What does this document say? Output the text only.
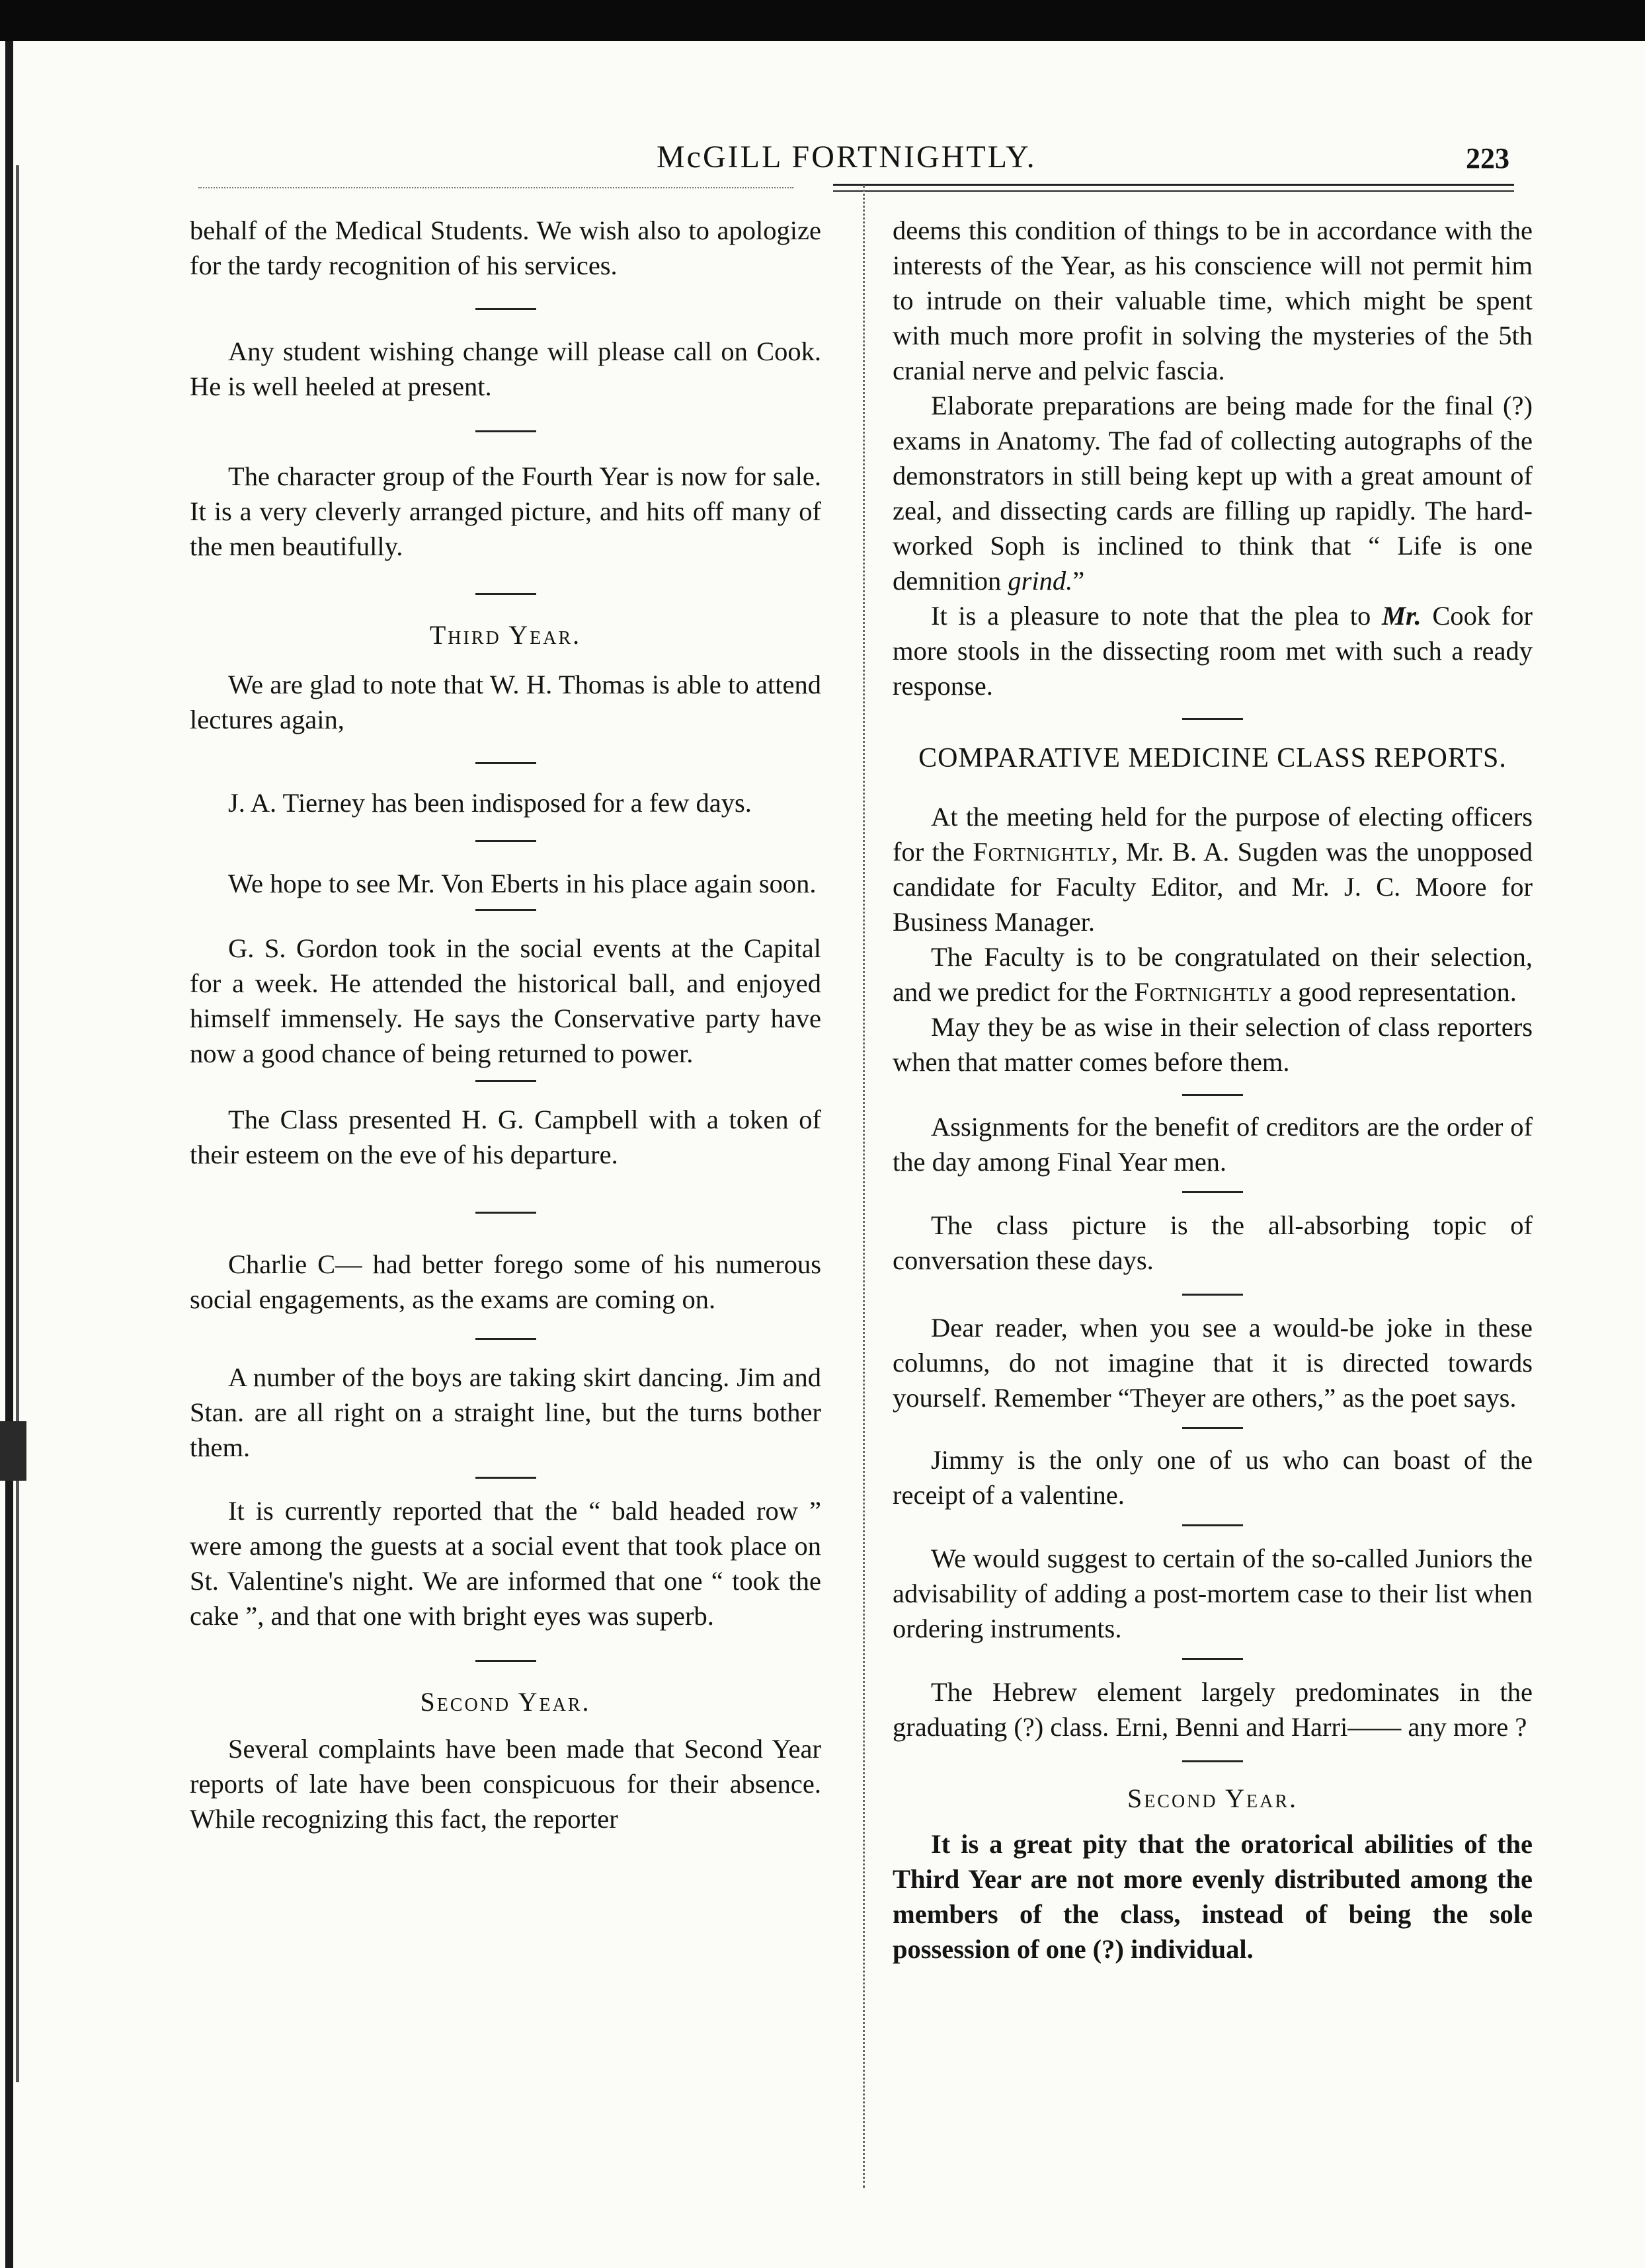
McGILL FORTNIGHTLY.	223

behalf of the Medical Students. We wish also to apologize for the tardy recognition of his services.

Any student wishing change will please call on Cook. He is well heeled at present.

The character group of the Fourth Year is now for sale. It is a very cleverly arranged picture, and hits off many of the men beautifully.

Third Year.

We are glad to note that W. H. Thomas is able to attend lectures again,

J. A. Tierney has been indisposed for a few days.

We hope to see Mr. Von Eberts in his place again soon.

G. S. Gordon took in the social events at the Capital for a week. He attended the historical ball, and enjoyed himself immensely. He says the Conservative party have now a good chance of being returned to power.

The Class presented H. G. Campbell with a token of their esteem on the eve of his departure.

Charlie C— had better forego some of his numerous social engagements, as the exams are coming on.

A number of the boys are taking skirt dancing. Jim and Stan. are all right on a straight line, but the turns bother them.

It is currently reported that the “ bald headed row ” were among the guests at a social event that took place on St. Valentine's night. We are informed that one “ took the cake ”, and that one with bright eyes was superb.

Second Year.

Several complaints have been made that Second Year reports of late have been conspicuous for their absence. While recognizing this fact, the reporter

deems this condition of things to be in accordance with the interests of the Year, as his conscience will not permit him to intrude on their valuable time, which might be spent with much more profit in solving the mysteries of the 5th cranial nerve and pelvic fascia.

Elaborate preparations are being made for the final (?) exams in Anatomy. The fad of collecting autographs of the demonstrators in still being kept up with a great amount of zeal, and dissecting cards are filling up rapidly. The hard-worked Soph is inclined to think that “ Life is one demnition grind.”

It is a pleasure to note that the plea to Mr. Cook for more stools in the dissecting room met with such a ready response.

COMPARATIVE MEDICINE CLASS REPORTS.

At the meeting held for the purpose of electing officers for the Fortnightly, Mr. B. A. Sugden was the unopposed candidate for Faculty Editor, and Mr. J. C. Moore for Business Manager.

The Faculty is to be congratulated on their selection, and we predict for the Fortnightly a good representation.

May they be as wise in their selection of class reporters when that matter comes before them.

Assignments for the benefit of creditors are the order of the day among Final Year men.

The class picture is the all-absorbing topic of conversation these days.

Dear reader, when you see a would-be joke in these columns, do not imagine that it is directed towards yourself. Remember “Theyer are others,” as the poet says.

Jimmy is the only one of us who can boast of the receipt of a valentine.

We would suggest to certain of the so-called Juniors the advisability of adding a post-mortem case to their list when ordering instruments.

The Hebrew element largely predominates in the graduating (?) class. Erni, Benni and Harri—— any more ?

Second Year.

It is a great pity that the oratorical abilities of the Third Year are not more evenly distributed among the members of the class, instead of being the sole possession of one (?) individual.
